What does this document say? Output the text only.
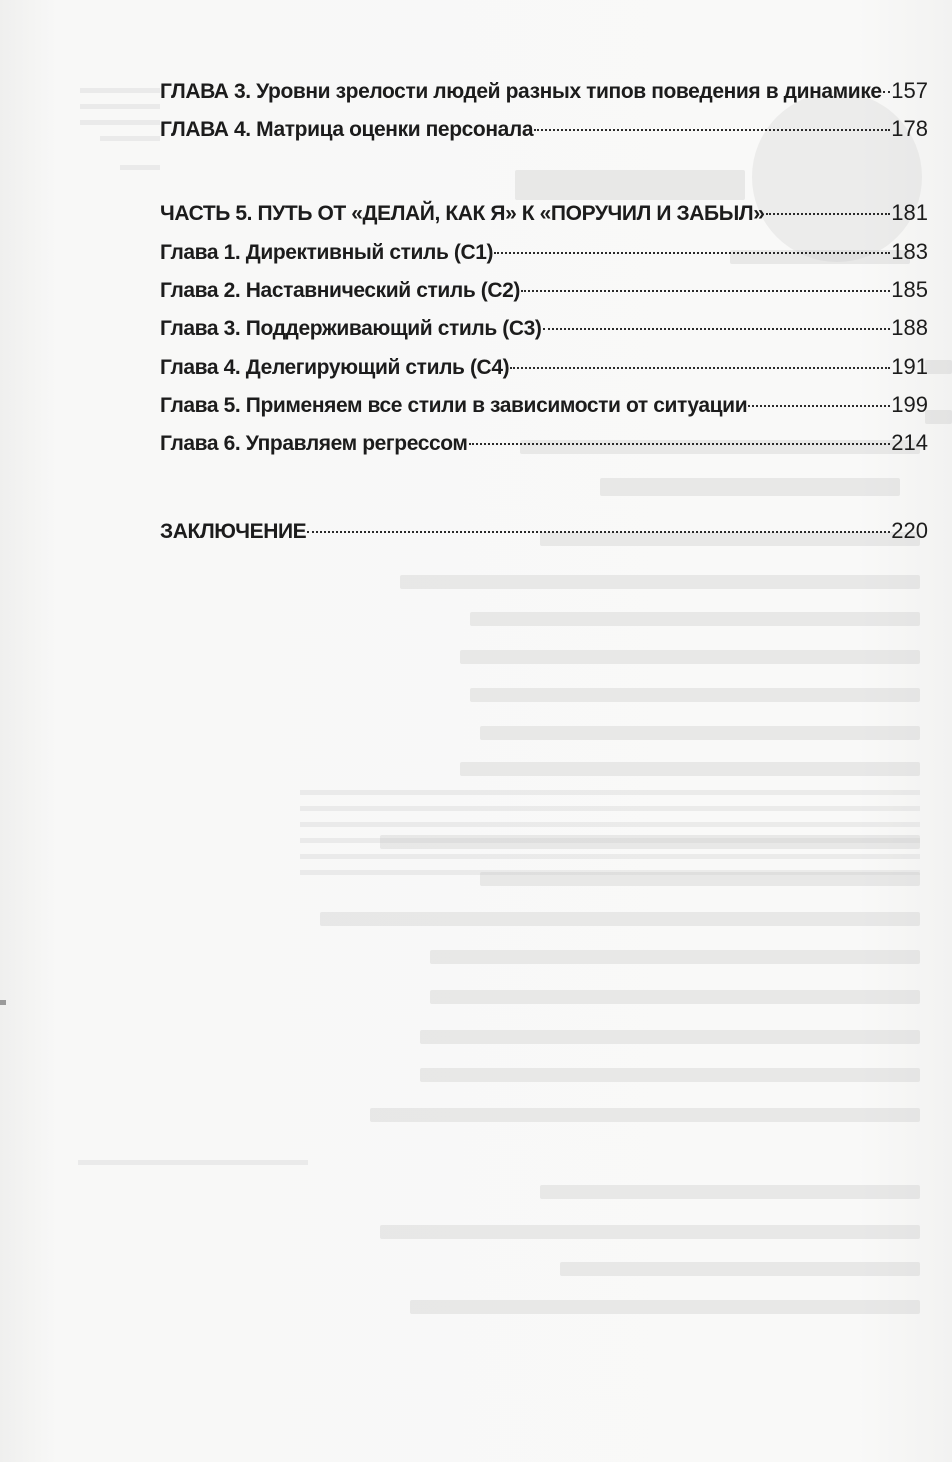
ГЛАВА 3. Уровни зрелости людей разных типов поведения в динамике 157
ГЛАВА 4. Матрица оценки персонала	178
ЧАСТЬ 5. ПУТЬ ОТ «ДЕЛАЙ, КАК Я» К «ПОРУЧИЛ И ЗАБЫЛ»	181
Глава 1. Директивный стиль (С1)	183
Глава 2. Наставнический стиль (С2)	185
Глава 3. Поддерживающий стиль (С3)	188
Глава 4. Делегирующий стиль (С4)	191
Глава 5. Применяем все стили в зависимости от ситуации	199
Глава 6. Управляем регрессом	214
ЗАКЛЮЧЕНИЕ	220
